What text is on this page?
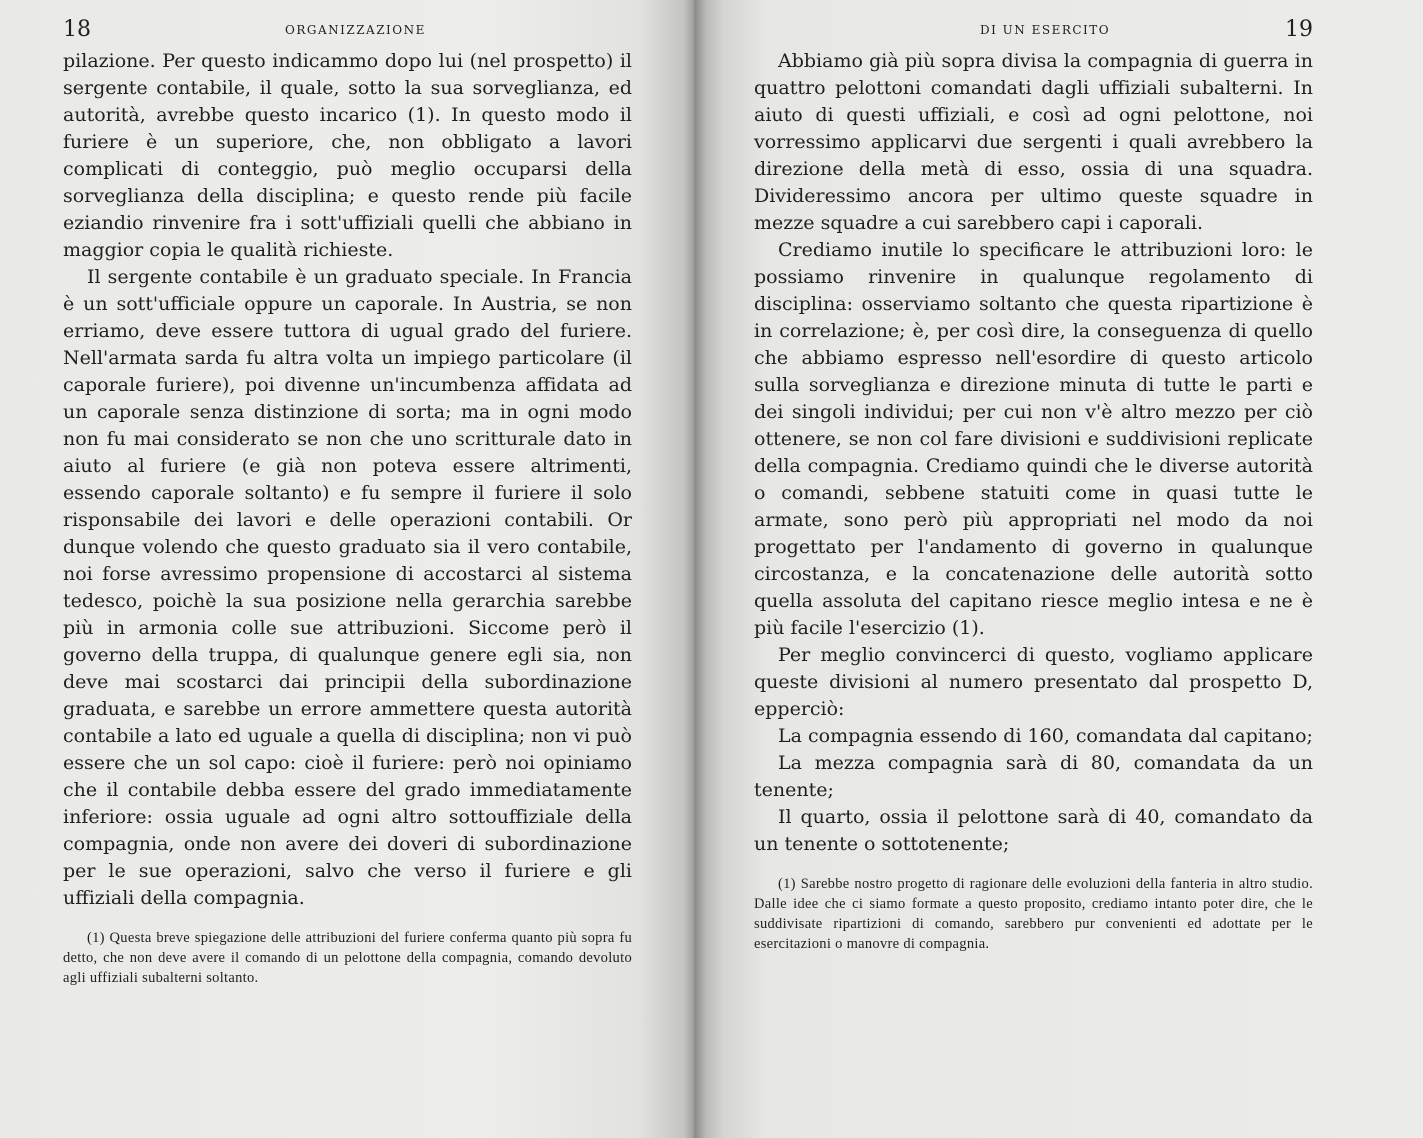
18	ORGANIZZAZIONE

pilazione. Per questo indicammo dopo lui (nel prospetto) il sergente contabile, il quale, sotto la sua sorveglianza, ed autorità, avrebbe questo incarico (1). In questo modo il furiere è un superiore, che, non obbligato a lavori complicati di conteggio, può meglio occuparsi della sorveglianza della disciplina; e questo rende più facile eziandio rinvenire fra i sott'uffiziali quelli che abbiano in maggior copia le qualità richieste.

Il sergente contabile è un graduato speciale. In Francia è un sott'ufficiale oppure un caporale. In Austria, se non erriamo, deve essere tuttora di ugual grado del furiere. Nell'armata sarda fu altra volta un impiego particolare (il caporale furiere), poi divenne un'incumbenza affidata ad un caporale senza distinzione di sorta; ma in ogni modo non fu mai considerato se non che uno scritturale dato in aiuto al furiere (e già non poteva essere altrimenti, essendo caporale soltanto) e fu sempre il furiere il solo risponsabile dei lavori e delle operazioni contabili. Or dunque volendo che questo graduato sia il vero contabile, noi forse avressimo propensione di accostarci al sistema tedesco, poichè la sua posizione nella gerarchia sarebbe più in armonia colle sue attribuzioni. Siccome però il governo della truppa, di qualunque genere egli sia, non deve mai scostarci dai principii della subordinazione graduata, e sarebbe un errore ammettere questa autorità contabile a lato ed uguale a quella di disciplina; non vi può essere che un sol capo: cioè il furiere: però noi opiniamo che il contabile debba essere del grado immediatamente inferiore: ossia uguale ad ogni altro sottouffiziale della compagnia, onde non avere dei doveri di subordinazione per le sue operazioni, salvo che verso il furiere e gli uffiziali della compagnia.

(1) Questa breve spiegazione delle attribuzioni del furiere conferma quanto più sopra fu detto, che non deve avere il comando di un pelottone della compagnia, comando devoluto agli uffiziali subalterni soltanto.
DI UN ESERCITO	19

Abbiamo già più sopra divisa la compagnia di guerra in quattro pelottoni comandati dagli uffiziali subalterni. In aiuto di questi uffiziali, e così ad ogni pelottone, noi vorressimo applicarvi due sergenti i quali avrebbero la direzione della metà di esso, ossia di una squadra. Divideressimo ancora per ultimo queste squadre in mezze squadre a cui sarebbero capi i caporali.

Crediamo inutile lo specificare le attribuzioni loro: le possiamo rinvenire in qualunque regolamento di disciplina: osserviamo soltanto che questa ripartizione è in correlazione; è, per così dire, la conseguenza di quello che abbiamo espresso nell'esordire di questo articolo sulla sorveglianza e direzione minuta di tutte le parti e dei singoli individui; per cui non v'è altro mezzo per ciò ottenere, se non col fare divisioni e suddivisioni replicate della compagnia. Crediamo quindi che le diverse autorità o comandi, sebbene statuiti come in quasi tutte le armate, sono però più appropriati nel modo da noi progettato per l'andamento di governo in qualunque circostanza, e la concatenazione delle autorità sotto quella assoluta del capitano riesce meglio intesa e ne è più facile l'esercizio (1).

Per meglio convincerci di questo, vogliamo applicare queste divisioni al numero presentato dal prospetto D, epperciò:

La compagnia essendo di 160, comandata dal capitano;

La mezza compagnia sarà di 80, comandata da un tenente;

Il quarto, ossia il pelottone sarà di 40, comandato da un tenente o sottotenente;

(1) Sarebbe nostro progetto di ragionare delle evoluzioni della fanteria in altro studio. Dalle idee che ci siamo formate a questo proposito, crediamo intanto poter dire, che le suddivisate ripartizioni di comando, sarebbero pur convenienti ed adottate per le esercitazioni o manovre di compagnia.
